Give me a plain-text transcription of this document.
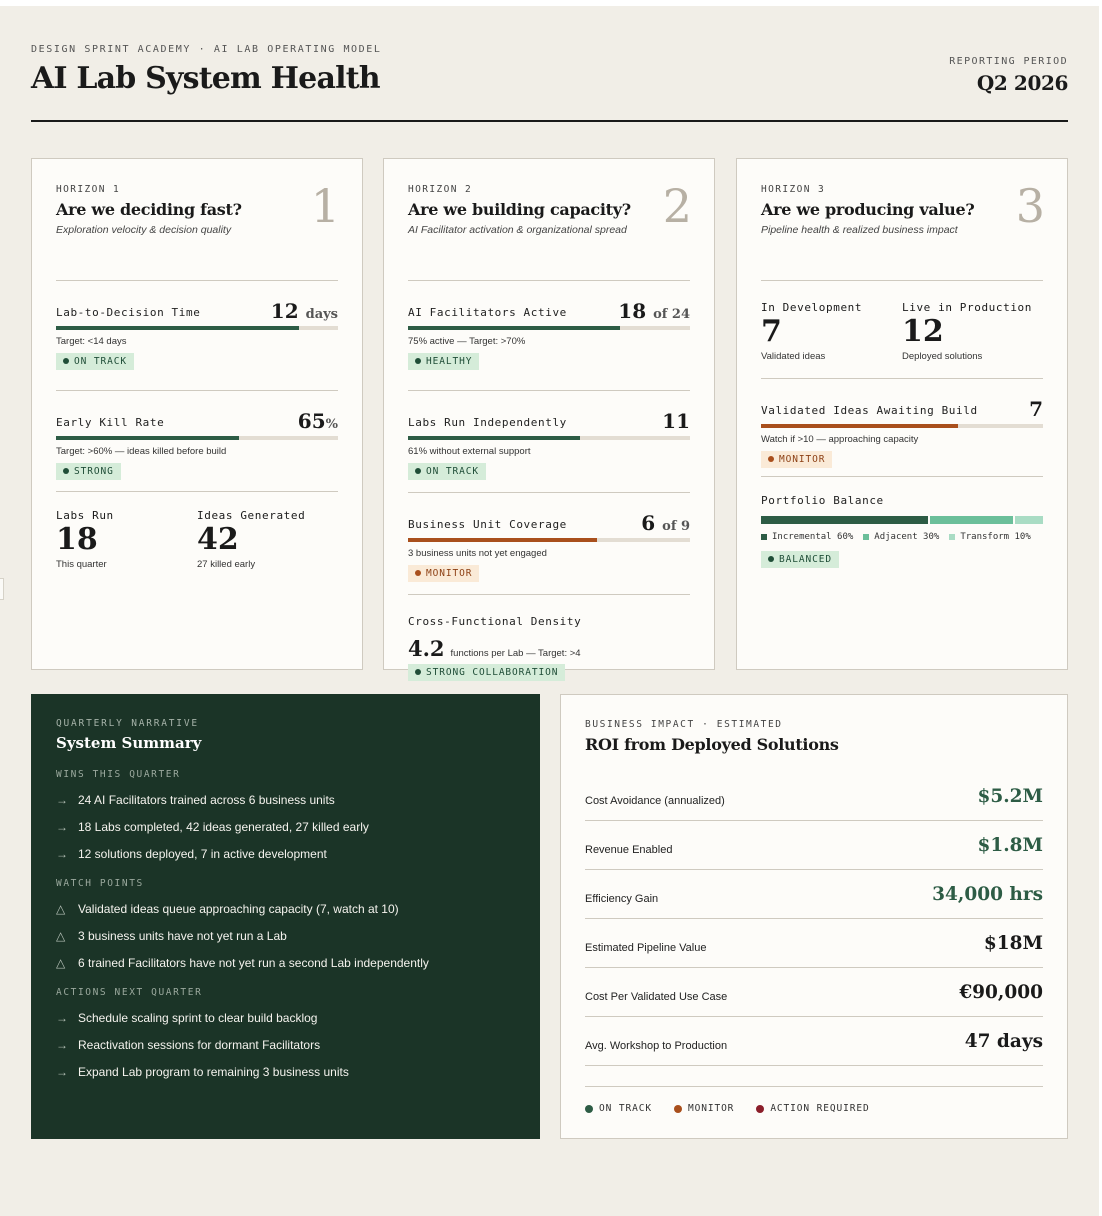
DESIGN SPRINT ACADEMY · AI LAB OPERATING MODEL
AI Lab System Health	REPORTING PERIOD
Q2 2026
HORIZON 1
Are we deciding fast?
Exploration velocity & decision quality	1
Lab-to-Decision Time	12 days
Target: <14 days
ON TRACK
Early Kill Rate	65%
Target: >60% — ideas killed before build
STRONG
Labs Run
18
This quarter
Ideas Generated
42
27 killed early
HORIZON 2
Are we building capacity?
AI Facilitator activation & organizational spread 2
AI Facilitators Active	18 of 24
75% active — Target: >70%
HEALTHY
Labs Run Independently	11
61% without external support
ON TRACK
Business Unit Coverage	6 of 9
3 business units not yet engaged
MONITOR
Cross-Functional Density
4.2 functions per Lab — Target: >4
STRONG COLLABORATION
HORIZON 3
Are we producing value?
Pipeline health & realized business impact	3
In Development
7
Validated ideas
Live in Production
12
Deployed solutions
Validated Ideas Awaiting Build	7
Watch if >10 — approaching capacity
MONITOR
Portfolio Balance
Incremental 60% Adjacent 30% Transform 10%
BALANCED
QUARTERLY NARRATIVE
System Summary
WINS THIS QUARTER
→ 24 AI Facilitators trained across 6 business units
→ 18 Labs completed, 42 ideas generated, 27 killed early
→ 12 solutions deployed, 7 in active development
WATCH POINTS
△	Validated ideas queue approaching capacity (7, watch at 10)
△	3 business units have not yet run a Lab
△	6 trained Facilitators have not yet run a second Lab independently
ACTIONS NEXT QUARTER
→ Schedule scaling sprint to clear build backlog
→ Reactivation sessions for dormant Facilitators
→ Expand Lab program to remaining 3 business units
BUSINESS IMPACT · ESTIMATED
ROI from Deployed Solutions
Cost Avoidance (annualized)	$5.2M
Revenue Enabled	$1.8M
Efficiency Gain	34,000 hrs
Estimated Pipeline Value	$18M
Cost Per Validated Use Case	€90,000
Avg. Workshop to Production	47 days
ON TRACK	MONITOR	ACTION REQUIRED
